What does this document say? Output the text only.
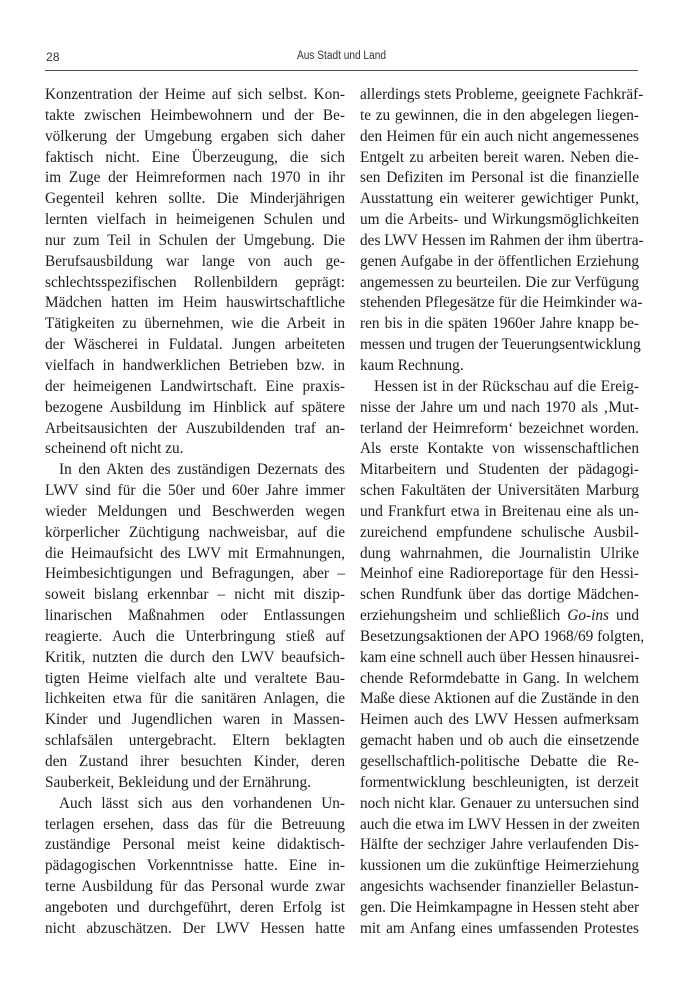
28	Aus Stadt und Land
Konzentration der Heime auf sich selbst. Kon-
takte zwischen Heimbewohnern und der Be-
völkerung der Umgebung ergaben sich daher
faktisch nicht. Eine Überzeugung, die sich
im Zuge der Heimreformen nach 1970 in ihr
Gegenteil kehren sollte. Die Minderjährigen
lernten vielfach in heimeigenen Schulen und
nur zum Teil in Schulen der Umgebung. Die
Berufsausbildung war lange von auch ge-
schlechtsspezifischen Rollenbildern geprägt:
Mädchen hatten im Heim hauswirtschaftliche
Tätigkeiten zu übernehmen, wie die Arbeit in
der Wäscherei in Fuldatal. Jungen arbeiteten
vielfach in handwerklichen Betrieben bzw. in
der heimeigenen Landwirtschaft. Eine praxis-
bezogene Ausbildung im Hinblick auf spätere
Arbeitsausichten der Auszubildenden traf an-
scheinend oft nicht zu.
In den Akten des zuständigen Dezernats des
LWV sind für die 50er und 60er Jahre immer
wieder Meldungen und Beschwerden wegen
körperlicher Züchtigung nachweisbar, auf die
die Heimaufsicht des LWV mit Ermahnungen,
Heimbesichtigungen und Befragungen, aber –
soweit bislang erkennbar – nicht mit diszip-
linarischen Maßnahmen oder Entlassungen
reagierte. Auch die Unterbringung stieß auf
Kritik, nutzten die durch den LWV beaufsich-
tigten Heime vielfach alte und veraltete Bau-
lichkeiten etwa für die sanitären Anlagen, die
Kinder und Jugendlichen waren in Massen-
schlafsälen untergebracht. Eltern beklagten
den Zustand ihrer besuchten Kinder, deren
Sauberkeit, Bekleidung und der Ernährung.
Auch lässt sich aus den vorhandenen Un-
terlagen ersehen, dass das für die Betreuung
zuständige Personal meist keine didaktisch-
pädagogischen Vorkenntnisse hatte. Eine in-
terne Ausbildung für das Personal wurde zwar
angeboten und durchgeführt, deren Erfolg ist
nicht abzuschätzen. Der LWV Hessen hatte
allerdings stets Probleme, geeignete Fachkräf-
te zu gewinnen, die in den abgelegen liegen-
den Heimen für ein auch nicht angemessenes
Entgelt zu arbeiten bereit waren. Neben die-
sen Defiziten im Personal ist die finanzielle
Ausstattung ein weiterer gewichtiger Punkt,
um die Arbeits- und Wirkungsmöglichkeiten
des LWV Hessen im Rahmen der ihm übertra-
genen Aufgabe in der öffentlichen Erziehung
angemessen zu beurteilen. Die zur Verfügung
stehenden Pflegesätze für die Heimkinder wa-
ren bis in die späten 1960er Jahre knapp be-
messen und trugen der Teuerungsentwicklung
kaum Rechnung.
Hessen ist in der Rückschau auf die Ereig-
nisse der Jahre um und nach 1970 als ‚Mut-
terland der Heimreform‘ bezeichnet worden.
Als erste Kontakte von wissenschaftlichen
Mitarbeitern und Studenten der pädagogi-
schen Fakultäten der Universitäten Marburg
und Frankfurt etwa in Breitenau eine als un-
zureichend empfundene schulische Ausbil-
dung wahrnahmen, die Journalistin Ulrike
Meinhof eine Radioreportage für den Hessi-
schen Rundfunk über das dortige Mädchen-
erziehungsheim und schließlich Go-ins und
Besetzungsaktionen der APO 1968/69 folgten,
kam eine schnell auch über Hessen hinausrei-
chende Reformdebatte in Gang. In welchem
Maße diese Aktionen auf die Zustände in den
Heimen auch des LWV Hessen aufmerksam
gemacht haben und ob auch die einsetzende
gesellschaftlich-politische Debatte die Re-
formentwicklung beschleunigten, ist derzeit
noch nicht klar. Genauer zu untersuchen sind
auch die etwa im LWV Hessen in der zweiten
Hälfte der sechziger Jahre verlaufenden Dis-
kussionen um die zukünftige Heimerziehung
angesichts wachsender finanzieller Belastun-
gen. Die Heimkampagne in Hessen steht aber
mit am Anfang eines umfassenden Protestes
